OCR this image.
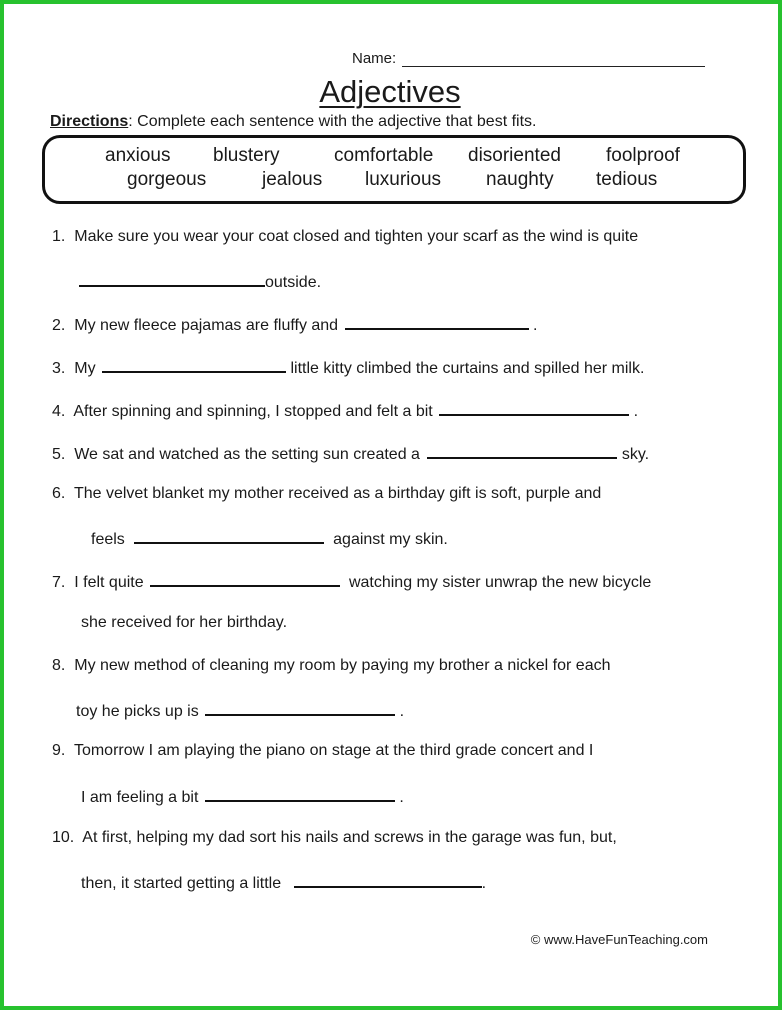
Name:
Adjectives
Directions: Complete each sentence with the adjective that best fits.
anxious blustery	comfortable disoriented foolproof
gorgeous	jealous luxurious naughty tedious
1. Make sure you wear your coat closed and tighten your scarf as the wind is quite
outside.
2. My new fleece pajamas are fluffy and	.
3. My	little kitty climbed the curtains and spilled her milk.
4. After spinning and spinning, I stopped and felt a bit	.
5. We sat and watched as the setting sun created a	sky.
6. The velvet blanket my mother received as a birthday gift is soft, purple and
feels	against my skin.
7. I felt quite	watching my sister unwrap the new bicycle
she received for her birthday.
8. My new method of cleaning my room by paying my brother a nickel for each
toy he picks up is	.
9. Tomorrow I am playing the piano on stage at the third grade concert and I
I am feeling a bit	.
10. At first, helping my dad sort his nails and screws in the garage was fun, but,
then, it started getting a little	.
© www.HaveFunTeaching.com
